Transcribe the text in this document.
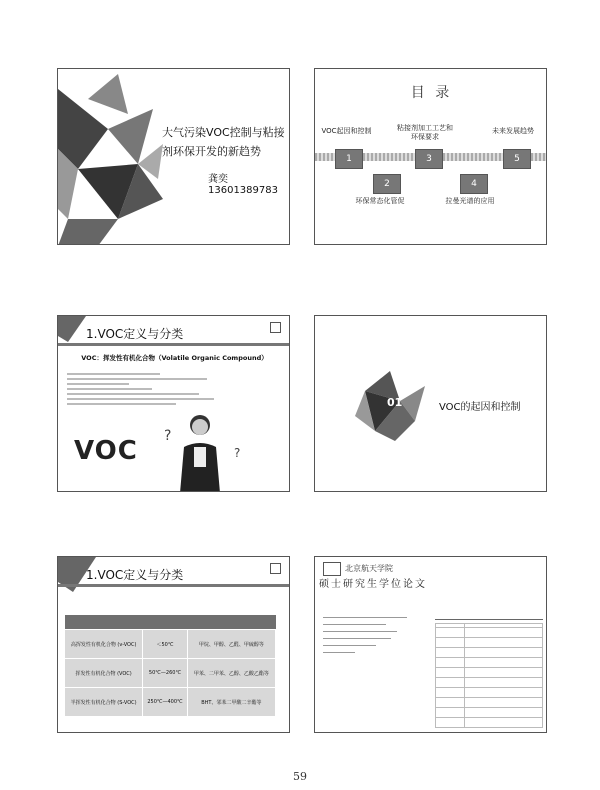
大气污染VOC控制与粘接剂环保开发的新趋势
龚奕13601389783
目 录
VOC起因和控制	粘接剂加工工艺和环保要求
未来发展趋势
环保常态化管促	拉曼光谱的应用
1
2
3
4
5
1.VOC定义与分类
VOC：挥发性有机化合物（Volatile Organic Compound）
VOC ?
?
01	VOC的起因和控制
1.VOC定义与分类

高挥发性有机化合物 (v-VOC)	＜50℃	甲烷、甲醇、乙醛、甲硫醇等
挥发性有机化合物 (VOC)	50℃—260℃	甲苯、二甲苯、乙醇、乙酸乙酯等
半挥发性有机化合物 (S-VOC)	250℃—400℃	BHT、邻苯二甲酸二辛酯等
北京航天学院
硕士研究生学位论文
59
